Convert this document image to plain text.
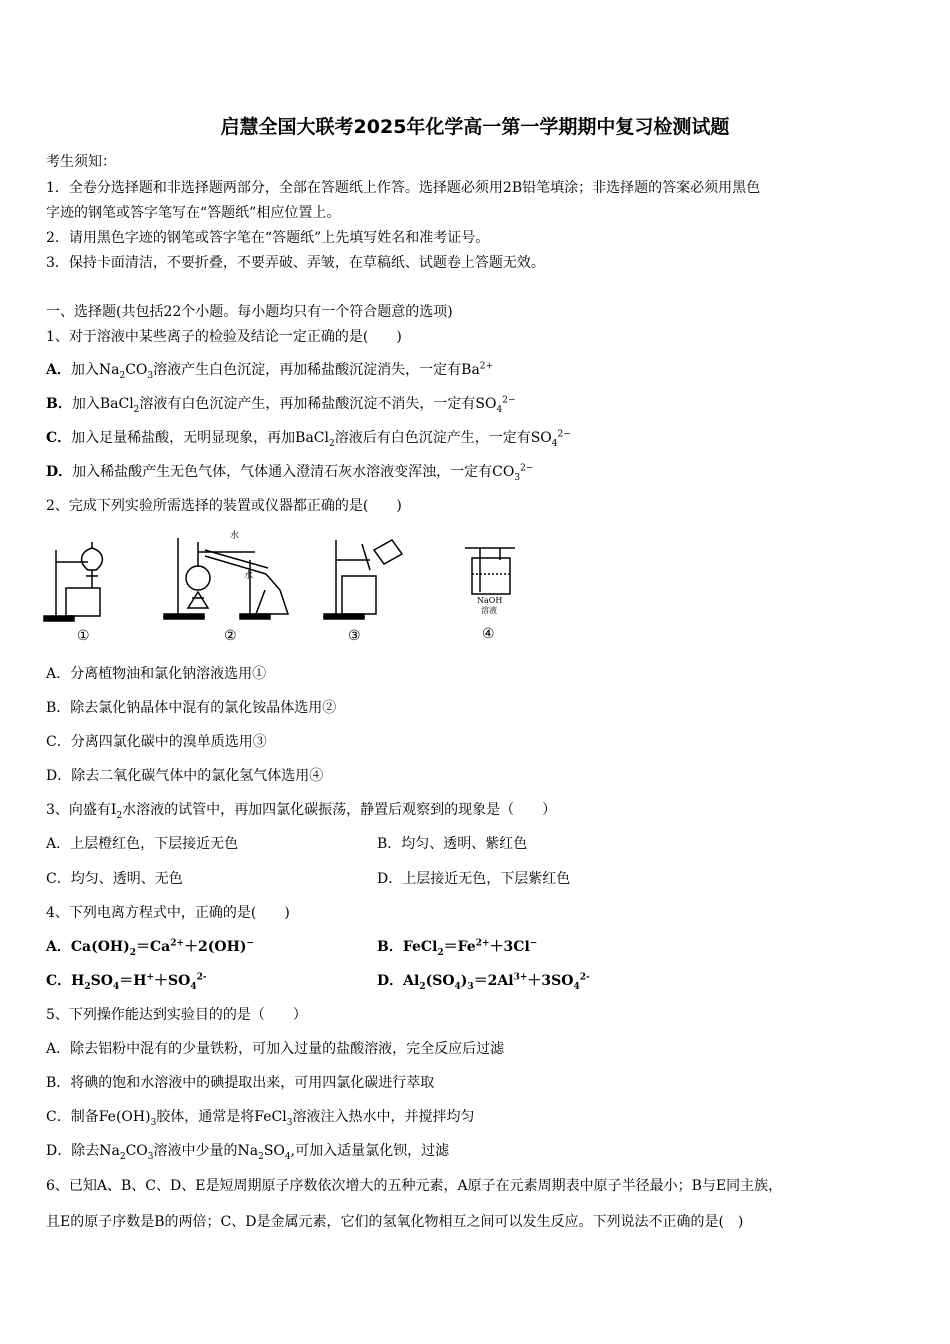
启慧全国大联考2025年化学高一第一学期期中复习检测试题
考生须知：
1．全卷分选择题和非选择题两部分，全部在答题纸上作答。选择题必须用2B铅笔填涂；非选择题的答案必须用黑色
字迹的钢笔或答字笔写在“答题纸”相应位置上。
2．请用黑色字迹的钢笔或答字笔在“答题纸”上先填写姓名和准考证号。
3．保持卡面清洁，不要折叠，不要弄破、弄皱，在草稿纸、试题卷上答题无效。
一、选择题(共包括22个小题。每小题均只有一个符合题意的选项)
1、对于溶液中某些离子的检验及结论一定正确的是(　　)
A．加入$Na_2CO_3$溶液产生白色沉淀，再加稀盐酸沉淀消失，一定有$Ba^{2+}$
B．加入BaCl$_2$溶液有白色沉淀产生，再加稀盐酸沉淀不消失，一定有$SO_4^{2-}$
C．加入足量稀盐酸，无明显现象，再加BaCl$_2$溶液后有白色沉淀产生，一定有$SO_4^{2-}$
D．加入稀盐酸产生无色气体，气体通入澄清石灰水溶液变浑浊，一定有$CO_3^{2-}$
2、完成下列实验所需选择的装置或仪器都正确的是(　　)
水
水
NaOH
溶液
①	②	③	④
A．分离植物油和氯化钠溶液选用①
B．除去氯化钠晶体中混有的氯化铵晶体选用②
C．分离四氯化碳中的溴单质选用③
D．除去二氧化碳气体中的氯化氢气体选用④
3、向盛有$I_2$水溶液的试管中，再加四氯化碳振荡，静置后观察到的现象是（　　）
A．上层橙红色，下层接近无色	B．均匀、透明、紫红色
C．均匀、透明、无色	D．上层接近无色，下层紫红色
4、下列电离方程式中，正确的是(　　)
A．$Ca(OH)_2=Ca^{2+}+2(OH)^-$	B．$FeCl_2=Fe^{2+}+3Cl^-$
C．$H_2SO_4=H^++SO_4^{2-}$	D．$Al_2(SO_4)_3=2Al^{3+}+3SO_4^{2-}$
5、下列操作能达到实验目的的是（　　）
A．除去铝粉中混有的少量铁粉，可加入过量的盐酸溶液，完全反应后过滤
B．将碘的饱和水溶液中的碘提取出来，可用四氯化碳进行萃取
C．制备$Fe(OH)_3$胶体，通常是将FeCl$_3$溶液注入热水中，并搅拌均匀
D．除去$Na_2CO_3$溶液中少量的$Na_2SO_4$,可加入适量氯化钡，过滤
6、已知A、B、C、D、E是短周期原子序数依次增大的五种元素，A原子在元素周期表中原子半径最小；B与E同主族，
且E的原子序数是B的两倍；C、D是金属元素，它们的氢氧化物相互之间可以发生反应。下列说法不正确的是(　)
